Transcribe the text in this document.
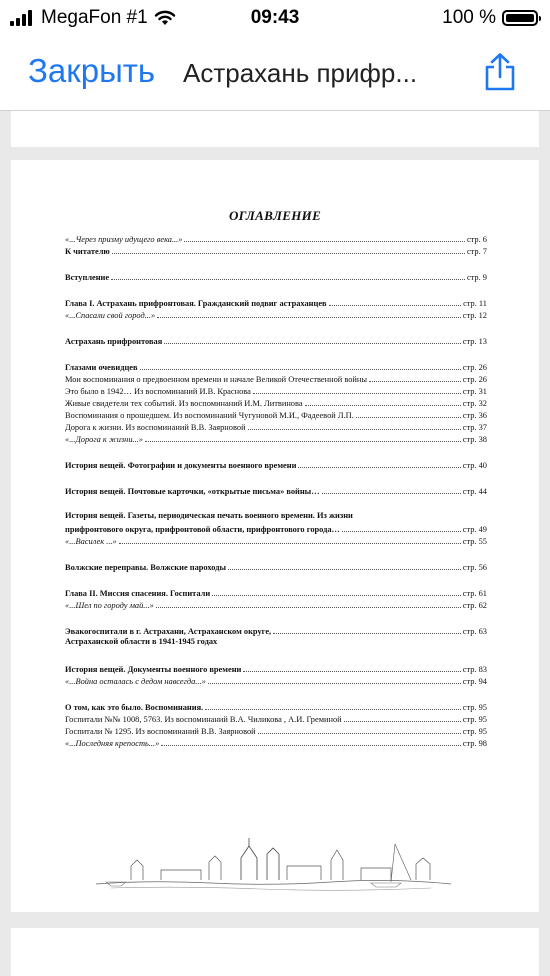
MegaFon #1	09:43	100 %
Закрыть Астрахань прифр...
ОГЛАВЛЕНИЕ
«...Через призму идущего века...»	стр. 6
К читателю	стр. 7
Вступление	стр. 9
Глава I. Астрахань прифронтовая. Гражданский подвиг астраханцев	стр. 11
«...Спасали свой город...»	стр. 12
Астрахань прифронтовая	стр. 13
Глазами очевидцев	стр. 26
Мои воспоминания о предвоенном времени и начале Великой Отечественной войны	стр. 26
Это было в 1942… Из воспоминаний И.В. Краснова	стр. 31
Живые свидетели тех событий. Из воспоминаний И.М. Литвинова	стр. 32
Воспоминания о прошедшем. Из воспоминаний Чугуновой М.И., Фадеевой Л.П.	стр. 36
Дорога к жизни. Из воспоминаний В.В. Заярновой	стр. 37
«...Дорога к жизни...»	стр. 38
История вещей. Фотографии и документы военного времени	стр. 40
История вещей. Почтовые карточки, «открытые письма» войны…	стр. 44
История вещей. Газеты, периодическая печать военного времени. Из жизни
прифронтового округа, прифронтовой области, прифронтового города…	стр. 49
«...Василек ...»	стр. 55
Волжские переправы. Волжские пароходы	стр. 56
Глава II. Миссия спасения. Госпитали	стр. 61
«...Шел по городу май...»	стр. 62
Эвакогоспитали в г. Астрахани, Астраханском округе,	стр. 63
Астраханской области в 1941-1945 годах
История вещей. Документы военного времени	стр. 83
«...Война осталась с дедом навсегда...»	стр. 94
О том, как это было. Воспоминания.	стр. 95
Госпитали №№ 1008, 5763. Из воспоминаний В.А. Чиликова , А.И. Греминой	стр. 95
Госпитали № 1295. Из воспоминаний В.В. Заярновой	стр. 95
«...Последняя крепость...»	стр. 98
